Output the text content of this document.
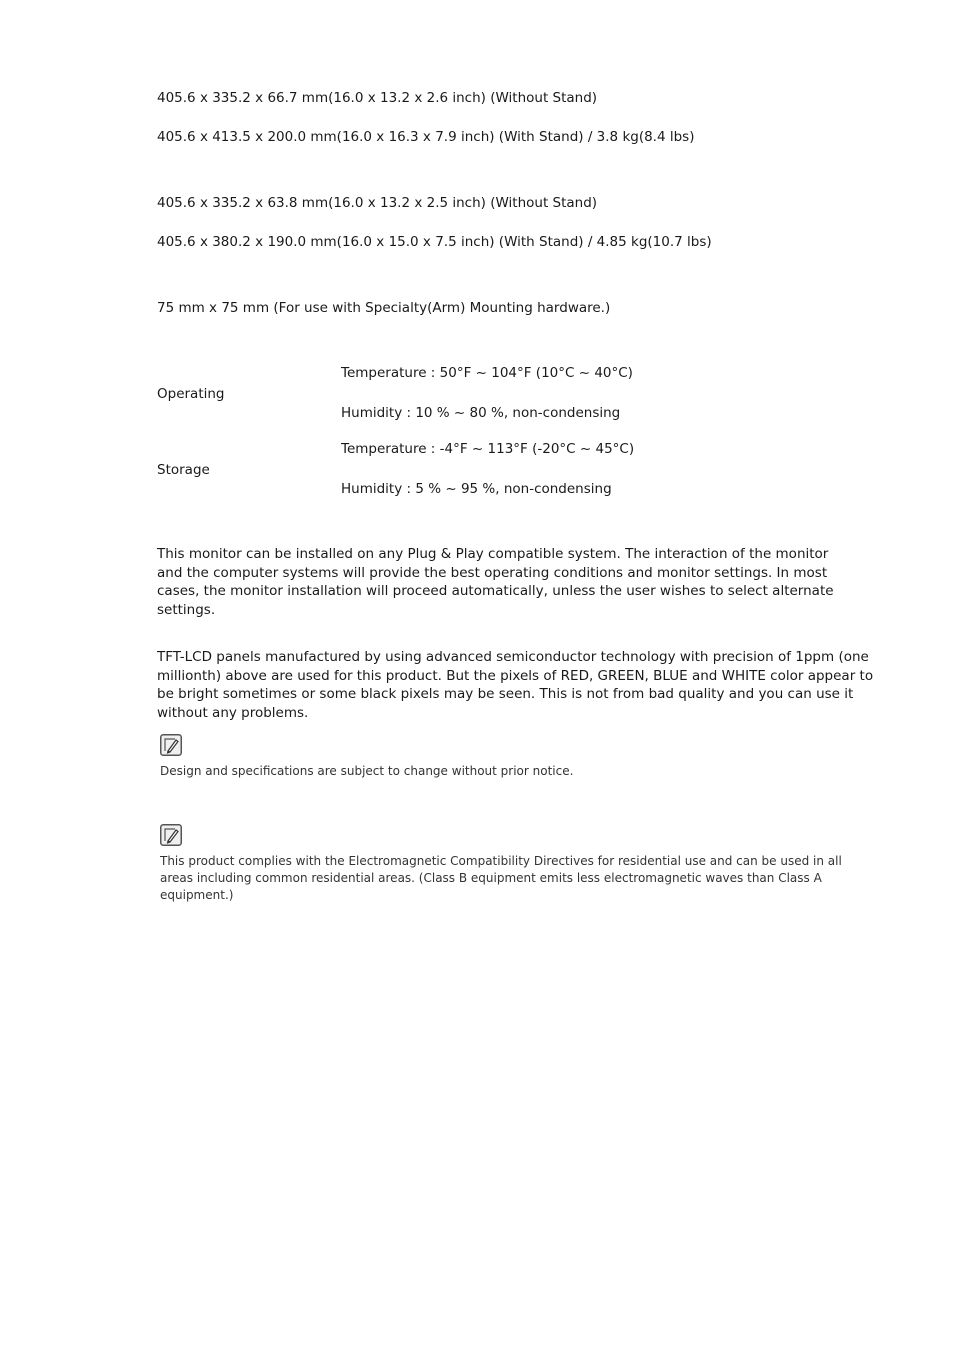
405.6 x 335.2 x 66.7 mm(16.0 x 13.2 x 2.6 inch) (Without Stand)
405.6 x 413.5 x 200.0 mm(16.0 x 16.3 x 7.9 inch) (With Stand) / 3.8 kg(8.4 lbs)
405.6 x 335.2 x 63.8 mm(16.0 x 13.2 x 2.5 inch) (Without Stand)
405.6 x 380.2 x 190.0 mm(16.0 x 15.0 x 7.5 inch) (With Stand) / 4.85 kg(10.7 lbs)
75 mm x 75 mm (For use with Specialty(Arm) Mounting hardware.)
Operating
Temperature : 50°F ~ 104°F (10°C ~ 40°C)
Humidity : 10 % ~ 80 %, non-condensing
Storage
Temperature : -4°F ~ 113°F (-20°C ~ 45°C)
Humidity : 5 % ~ 95 %, non-condensing
This monitor can be installed on any Plug & Play compatible system. The interaction of the monitor and the computer systems will provide the best operating conditions and monitor settings. In most cases, the monitor installation will proceed automatically, unless the user wishes to select alternate settings.
TFT-LCD panels manufactured by using advanced semiconductor technology with precision of 1ppm (one millionth) above are used for this product. But the pixels of RED, GREEN, BLUE and WHITE color appear to be bright sometimes or some black pixels may be seen. This is not from bad quality and you can use it without any problems.
Design and specifications are subject to change without prior notice.
This product complies with the Electromagnetic Compatibility Directives for residential use and can be used in all areas including common residential areas. (Class B equipment emits less electromagnetic waves than Class A equipment.)
